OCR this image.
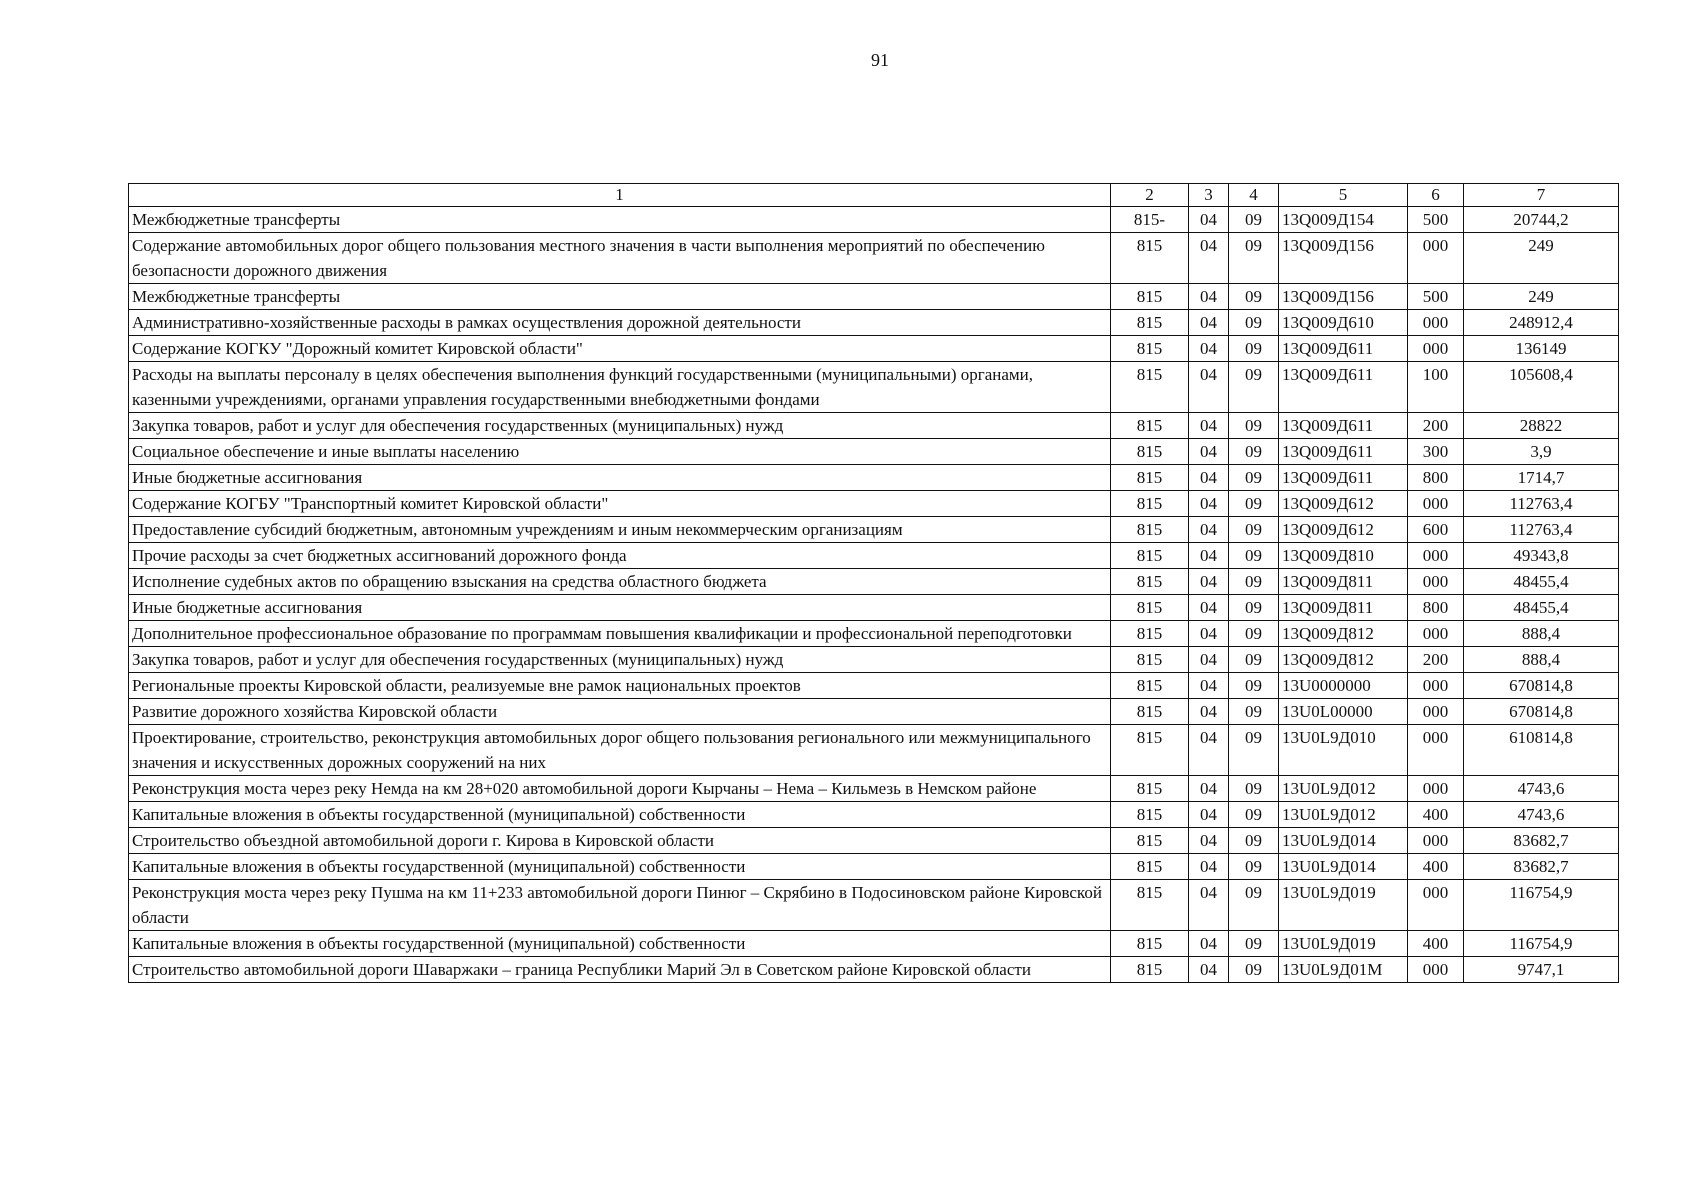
91
1	2	3	4	5	6	7
Межбюджетные трансферты	815-	04	09	13Q009Д154	500	20744,2
Содержание автомобильных дорог общего пользования местного значения в части выполнения мероприятий по обеспечению безопасности дорожного движения	815	04	09	13Q009Д156	000	249
Межбюджетные трансферты	815	04	09	13Q009Д156	500	249
Административно-хозяйственные расходы в рамках осуществления дорожной деятельности	815	04	09	13Q009Д610	000	248912,4
Содержание КОГКУ "Дорожный комитет Кировской области"	815	04	09	13Q009Д611	000	136149
Расходы на выплаты персоналу в целях обеспечения выполнения функций государственными (муниципальными) органами, казенными учреждениями, органами управления государственными внебюджетными фондами	815	04	09	13Q009Д611	100	105608,4
Закупка товаров, работ и услуг для обеспечения государственных (муниципальных) нужд	815	04	09	13Q009Д611	200	28822
Социальное обеспечение и иные выплаты населению	815	04	09	13Q009Д611	300	3,9
Иные бюджетные ассигнования	815	04	09	13Q009Д611	800	1714,7
Содержание КОГБУ "Транспортный комитет Кировской области"	815	04	09	13Q009Д612	000	112763,4
Предоставление субсидий бюджетным, автономным учреждениям и иным некоммерческим организациям	815	04	09	13Q009Д612	600	112763,4
Прочие расходы за счет бюджетных ассигнований дорожного фонда	815	04	09	13Q009Д810	000	49343,8
Исполнение судебных актов по обращению взыскания на средства областного бюджета	815	04	09	13Q009Д811	000	48455,4
Иные бюджетные ассигнования	815	04	09	13Q009Д811	800	48455,4
Дополнительное профессиональное образование по программам повышения квалификации и профессиональной переподготовки	815	04	09	13Q009Д812	000	888,4
Закупка товаров, работ и услуг для обеспечения государственных (муниципальных) нужд	815	04	09	13Q009Д812	200	888,4
Региональные проекты Кировской области, реализуемые вне рамок национальных проектов	815	04	09	13U0000000	000	670814,8
Развитие дорожного хозяйства Кировской области	815	04	09	13U0L00000	000	670814,8
Проектирование, строительство, реконструкция автомобильных дорог общего пользования регионального или межмуниципального значения и искусственных дорожных сооружений на них	815	04	09	13U0L9Д010	000	610814,8
Реконструкция моста через реку Немда на км 28+020 автомобильной дороги Кырчаны – Нема – Кильмезь в Немском районе	815	04	09	13U0L9Д012	000	4743,6
Капитальные вложения в объекты государственной (муниципальной) собственности	815	04	09	13U0L9Д012	400	4743,6
Строительство объездной автомобильной дороги г. Кирова в Кировской области	815	04	09	13U0L9Д014	000	83682,7
Капитальные вложения в объекты государственной (муниципальной) собственности	815	04	09	13U0L9Д014	400	83682,7
Реконструкция моста через реку Пушма на км 11+233 автомобильной дороги Пинюг – Скрябино в Подосиновском районе Кировской области	815	04	09	13U0L9Д019	000	116754,9
Капитальные вложения в объекты государственной (муниципальной) собственности	815	04	09	13U0L9Д019	400	116754,9
Строительство автомобильной дороги Шаваржаки – граница Республики Марий Эл в Советском районе Кировской области	815	04	09	13U0L9Д01М	000	9747,1
